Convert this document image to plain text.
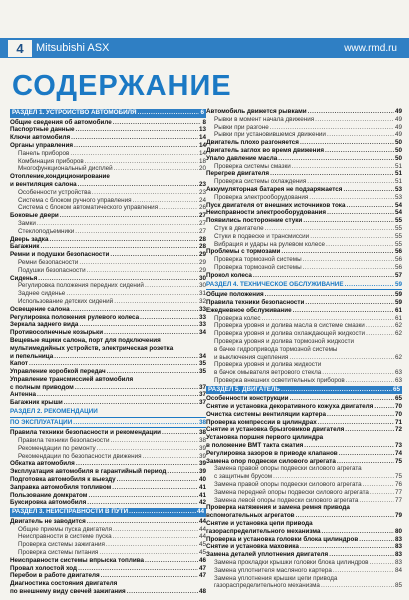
4	Mitsubishi ASX	www.rmd.ru
СОДЕРЖАНИЕ
РАЗДЕЛ 1. УСТРОЙСТВО АВТОМОБИЛЯ .....	6
Общие сведения об автомобиле .....	8
Паспортные данные .....	13
Ключи автомобиля .....	14
Органы управления .....	14
Панель приборов .....	14
Комбинация приборов .....	18
Многофункциональный дисплей .....	20
Отопление,кондиционирование
и вентиляция салона .....	23
Особенности устройства .....	23
Система с блоком ручного управления .....	24
Система с блоком автоматического управления .....	26
Боковые двери .....	27
Замки .....	27
Стеклоподъемники .....	27
Дверь задка .....	28
Багажник .....	28
Ремни и подушки безопасности .....	29
Ремни безопасности .....	29
Подушки безопасности .....	29
Сиденья .....	30
Регулировка положения передних сидений .....	30
Заднее сиденье .....	31
Использование детских сидений .....	32
Освещение салона .....	33
Регулировка положения рулевого колеса .....	33
Зеркала заднего вида .....	33
Противосолнечные козырьки .....	34
Вещевые ящики салона, порт для подключения
мультимедийных устройств, электрическая розетка
и пепельница .....	34
Капот .....	35
Управление коробкой передач .....	35
Управление трансмиссией автомобиля
с полным приводом .....	37
Антенна .....	37
Багажник крыши .....	37
РАЗДЕЛ 2. РЕКОМЕНДАЦИИ
ПО ЭКСПЛУАТАЦИИ .....	38
Правила техники безопасности и рекомендации .....	38
Правила техники безопасности .....	38
Рекомендации по ремонту .....	39
Рекомендации по безопасности движения .....	39
Обкатка автомобиля .....	39
Эксплуатация автомобиля в гарантийный период .....	39
Подготовка автомобиля к выезду .....	40
Заправка автомобиля топливом .....	41
Пользование домкратом .....	41
Буксировка автомобиля .....	42
РАЗДЕЛ 3. НЕИСПРАВНОСТИ В ПУТИ .....	44
Двигатель не заводится .....	44
Общие приемы пуска двигателя .....	44
Неисправности в системе пуска .....	44
Проверка системы зажигания .....	45
Проверка системы питания .....	45
Неисправности системы впрыска топлива .....	46
Провал холостой ход .....	47
Перебои в работе двигателя .....	47
Диагностика состояния двигателя
по внешнему виду свечей зажигания .....	48
Автомобиль движется рывками .....	49
Рывки в момент начала движения .....	49
Рывки при разгоне .....	49
Рывки при установившемся движении .....	49
Двигатель плохо разгоняется .....	50
Двигатель заглох во время движения .....	50
Упало давление масла .....	50
Проверка системы смазки .....	51
Перегрев двигателя .....	51
Проверка системы охлаждения .....	51
Аккумуляторная батарея не подзаряжается .....	53
Проверка электрооборудования .....	53
Пуск двигателя от внешних источников тока .....	54
Неисправности электрооборудования .....	54
Появились посторонние стуки .....	55
Стук в двигателе .....	55
Стуки в подвеске и трансмиссии .....	55
Вибрация и удары на рулевом колесе .....	55
Проблемы с тормозами .....	56
Проверка тормозной системы .....	56
Проверка тормозной системы .....	56
Прокол колеса .....	57
РАЗДЕЛ 4. ТЕХНИЧЕСКОЕ ОБСЛУЖИВАНИЕ .....	59
Общие положения .....	59
Правила техники безопасности .....	59
Ежедневное обслуживание .....	61
Проверка колес .....	61
Проверка уровня и долива масла в системе смазки .....	62
Проверка уровня и долива охлаждающей жидкости .....	62
Проверка уровня и долива тормозной жидкости
в бачке гидропривода тормозной системы
и выключения сцепления .....	62
Проверка уровня и долива жидкости
в бачок омывателя ветрового стекла .....	63
Проверка внешних осветительных приборов .....	63
РАЗДЕЛ 5. ДВИГАТЕЛЬ .....	65
Особенности конструкции .....	65
Снятие и установка декоративного кожуха двигателя .....	70
Очистка системы вентиляции картера .....	70
Проверка компрессии в цилиндрах .....	71
Снятие и установка брызговиков двигателя .....	72
Установка поршня первого цилиндра
в положение ВМТ такта сжатия .....	73
Регулировка зазоров в приводе клапанов .....	74
Замена опор подвески силового агрегата .....	75
Замена правой опоры подвески силового агрегата
с защитным брусом .....	75
Замена правой опоры подвески силового агрегата .....	76
Замена передней опоры подвески силового агрегата .....	77
Замена левой опоры подвески силового агрегата .....	77
Проверка натяжения и замена ремня привода
вспомогательных агрегатов .....	79
Снятие и установка цепи привода
газораспределительного механизма .....	80
Проверка и установка головки блока цилиндров .....	83
Снятие и установка маховика .....	83
Замена деталей уплотнения двигателя .....	83
Замена прокладки крышки головки блока цилиндров .....	83
Замена уплотнителя масляного картера .....	84
Замена уплотнения крышки цепи привода
газораспределительного механизма .....	85
